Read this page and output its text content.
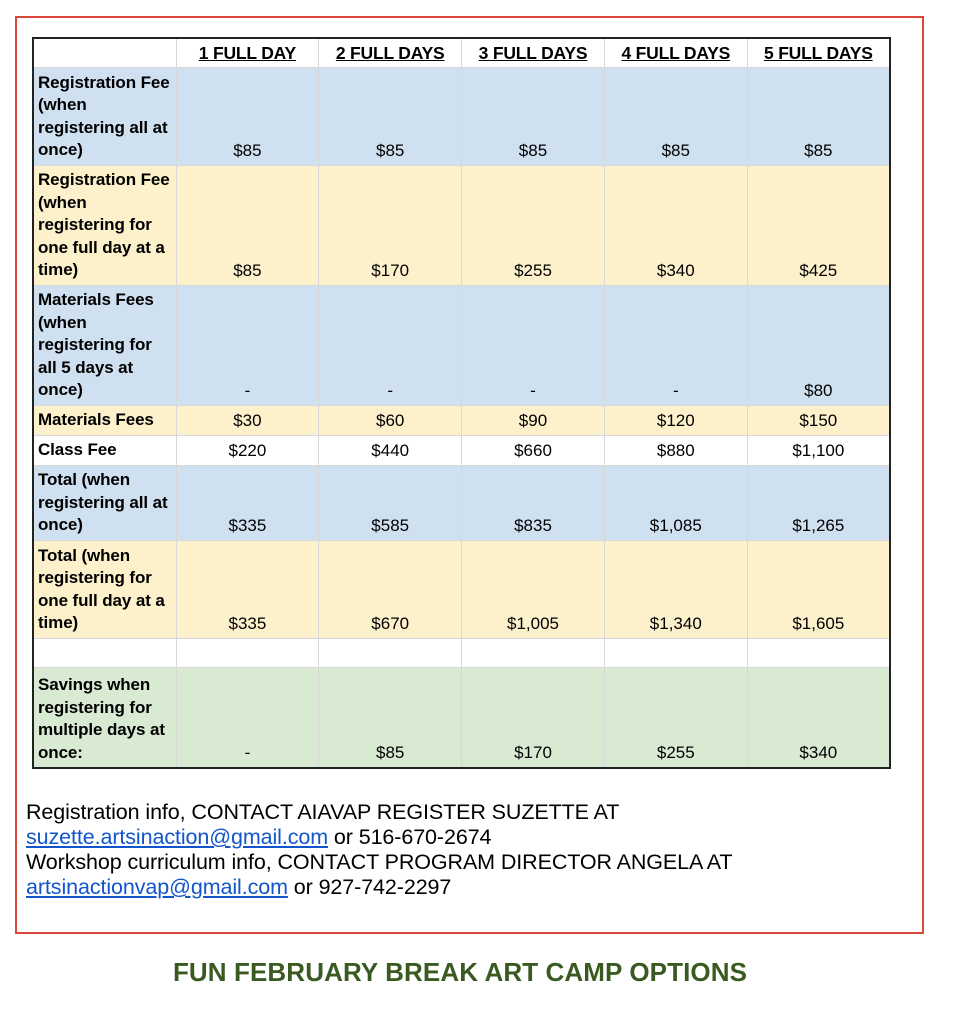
	1 FULL DAY	2 FULL DAYS	3 FULL DAYS	4 FULL DAYS	5 FULL DAYS
Registration Fee (when registering all at once)	$85	$85	$85	$85	$85
Registration Fee (when registering for one full day at a time)	$85	$170	$255	$340	$425
Materials Fees (when registering for all 5 days at once)	-	-	-	-	$80
Materials Fees	$30	$60	$90	$120	$150
Class Fee	$220	$440	$660	$880	$1,100
Total (when registering all at once)	$335	$585	$835	$1,085	$1,265
Total (when registering for one full day at a time)	$335	$670	$1,005	$1,340	$1,605

Savings when registering for multiple days at once:	-	$85	$170	$255	$340

Registration info, CONTACT AIAVAP REGISTER SUZETTE AT

suzette.artsinaction@gmail.com or 516-670-2674

Workshop curriculum info, CONTACT PROGRAM DIRECTOR ANGELA AT

artsinactionvap@gmail.com or 927-742-2297

FUN FEBRUARY BREAK ART CAMP OPTIONS
